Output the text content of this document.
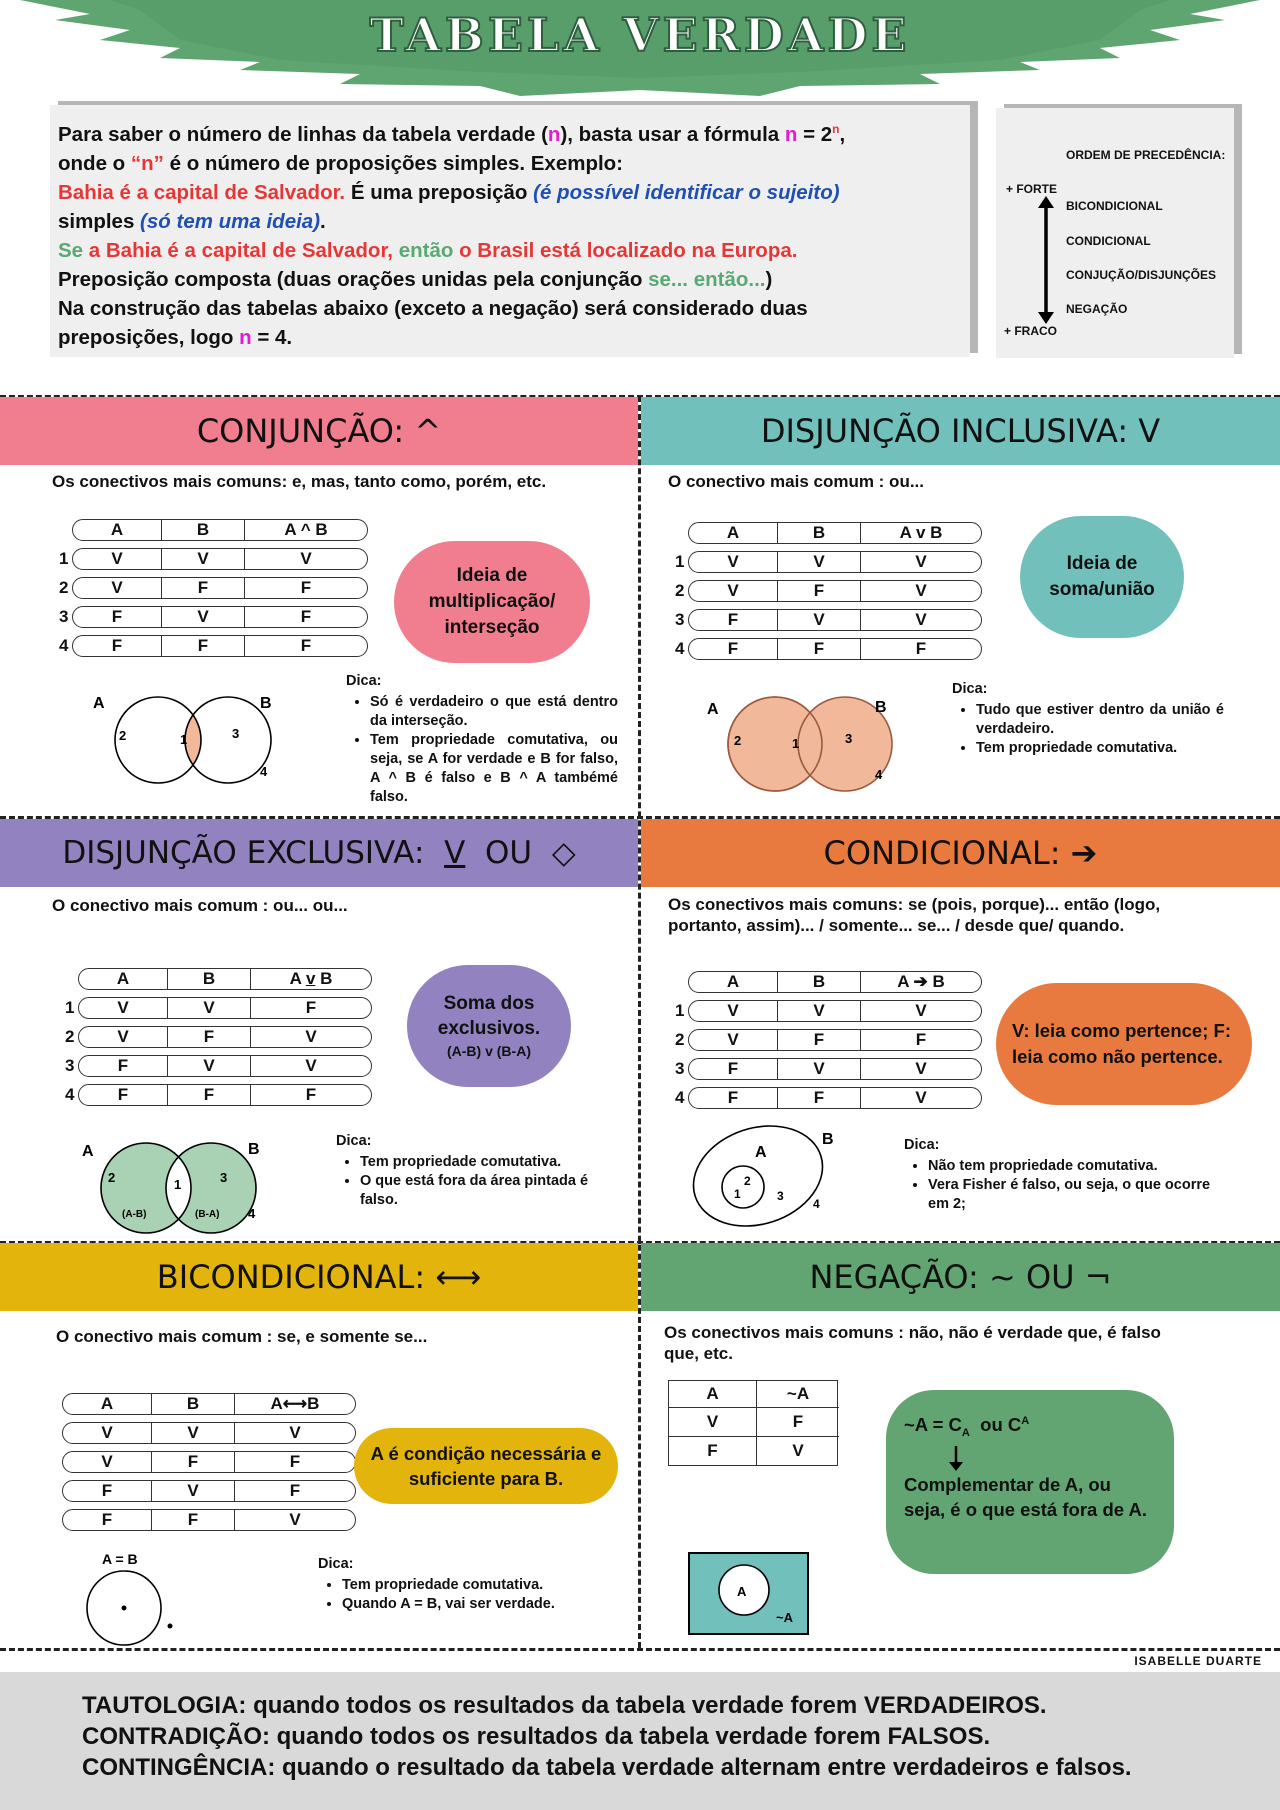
TABELA VERDADE

Para saber o número de linhas da tabela verdade (n), basta usar a fórmula $n = 2^n$,

onde o “n” é o número de proposições simples. Exemplo:

Bahia é a capital de Salvador. É uma preposição (é possível identificar o sujeito)

simples (só tem uma ideia).

Se a Bahia é a capital de Salvador, então o Brasil está localizado na Europa.

Preposição composta (duas orações unidas pela conjunção se... então...)

Na construção das tabelas abaixo (exceto a negação) será considerado duas

preposições, logo n = 4.

ORDEM DE PRECEDÊNCIA:
+ FORTE
+ FRACO
BICONDICIONAL
CONDICIONAL
CONJUÇÃO/DISJUNÇÕES
NEGAÇÃO
CONJUNÇÃO: ^
Os conectivos mais comuns: e, mas, tanto como, porém, etc.
A	B	A ^ B
1	V	V	V
2	V	F	F
3	F	V	F
4	F	F	F
Ideia de multiplicação/ interseção
A	B
2	1	3
4
Dica:
• Só é verdadeiro o que está dentro da interseção.
• Tem propriedade comutativa, ou seja, se A for verdade e B for falso, A ^ B é falso e B ^ A tambémé falso.
DISJUNÇÃO INCLUSIVA: V
O conectivo mais comum : ou...
A	B	A v B
1	V	V	V
2	V	F	V
3	F	V	V
4	F	F	F
Ideia de soma/união
A	B
2	1	3
4
Dica:
• Tudo que estiver dentro da união é verdadeiro.
• Tem propriedade comutativa.
DISJUNÇÃO EXCLUSIVA: V OU  ◇
O conectivo mais comum : ou... ou...
A	B	A v B
1	V	V	F
2	V	F	V
3	F	V	V
4	F	F	F
Soma dos exclusivos.
(A-B) v (B-A)
A	B
2	1	3
4
(A-B)	(B-A)
Dica:
• Tem propriedade comutativa.
• O que está fora da área pintada é falso.
CONDICIONAL: ➔
Os conectivos mais comuns: se (pois, porque)... então (logo,
portanto, assim)... / somente... se... / desde que/ quando.
A	B	A ➔ B
1	V	V	V
2	V	F	F
3	F	V	V
4	F	F	V
V: leia como pertence; F: leia como não pertence.
A
B
2
1	3
4
Dica:
• Não tem propriedade comutativa.
• Vera Fisher é falso, ou seja, o que ocorre em 2;
BICONDICIONAL: ⟷
O conectivo mais comum : se, e somente se...
A	B	A⟷B
V	V	V
V	F	F
F	V	F
F	F	V
A é condição necessária e suficiente para B.
A = B	Dica:
• Tem propriedade comutativa.
• Quando A = B, vai ser verdade.
NEGAÇÃO: ~ OU ¬
Os conectivos mais comuns : não, não é verdade que, é falso
que, etc.
A	~A
V	F
F	V
~A = $C_A$  ou $C^A$
Complementar de A, ou seja, é o que está fora de A.
A
~A
ISABELLE DUARTE
TAUTOLOGIA: quando todos os resultados da tabela verdade forem VERDADEIROS.
CONTRADIÇÃO: quando todos os resultados da tabela verdade forem FALSOS.
CONTINGÊNCIA: quando o resultado da tabela verdade alternam entre verdadeiros e falsos.
